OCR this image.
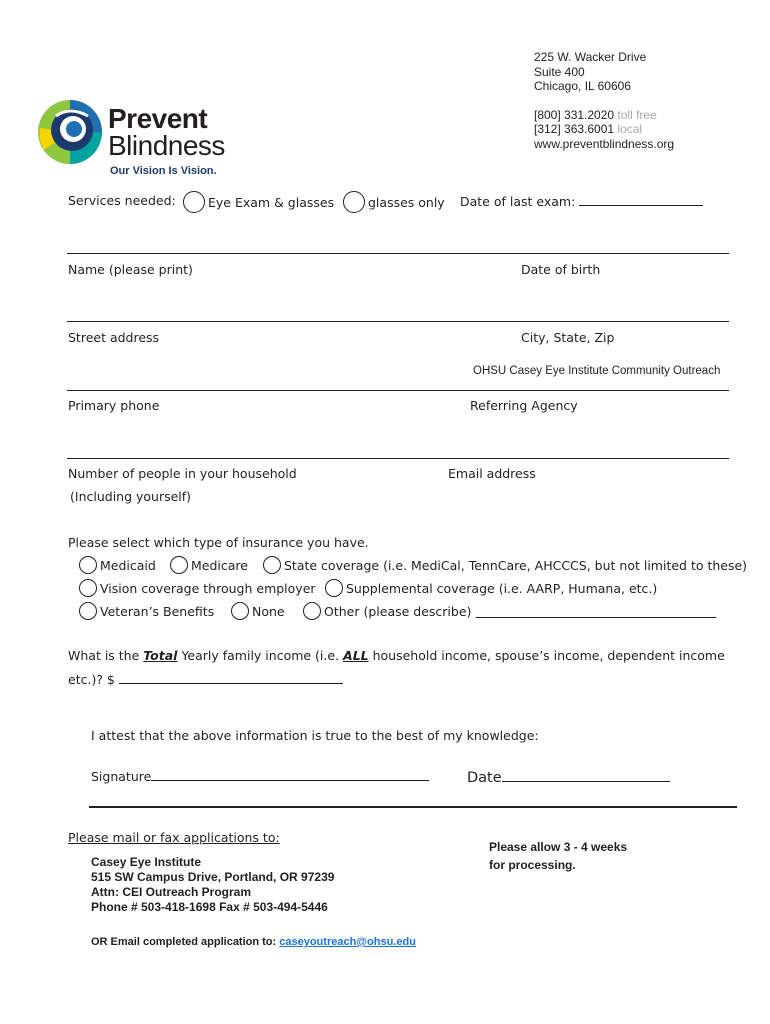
225 W. Wacker Drive
Suite 400
Chicago, IL 60606
[800] 331.2020 toll free
[312] 363.6001 local
www.preventblindness.org
Prevent
Blindness
Our Vision Is Vision.
Services needed:	Eye Exam & glasses	glasses only Date of last exam:
Name (please print)	Date of birth
Street address	City, State, Zip
OHSU Casey Eye Institute Community Outreach
Primary phone	Referring Agency
Number of people in your household
(Including yourself)
Email address
Please select which type of insurance you have.
Medicaid	Medicare	State coverage (i.e. MediCal, TennCare, AHCCCS, but not limited to these)
Vision coverage through employer Supplemental coverage (i.e. AARP, Humana, etc.)
Veteran’s Benefits	None	Other (please describe)
What is the Total Yearly family income (i.e. ALL household income, spouse’s income, dependent income
etc.)? $
I attest that the above information is true to the best of my knowledge:
Signature	Date
Please mail or fax applications to:
Casey Eye Institute
515 SW Campus Drive, Portland, OR 97239
Attn: CEI Outreach Program
Phone # 503-418-1698 Fax # 503-494-5446
Please allow 3 - 4 weeks
for processing.
OR Email completed application to: caseyoutreach@ohsu.edu
